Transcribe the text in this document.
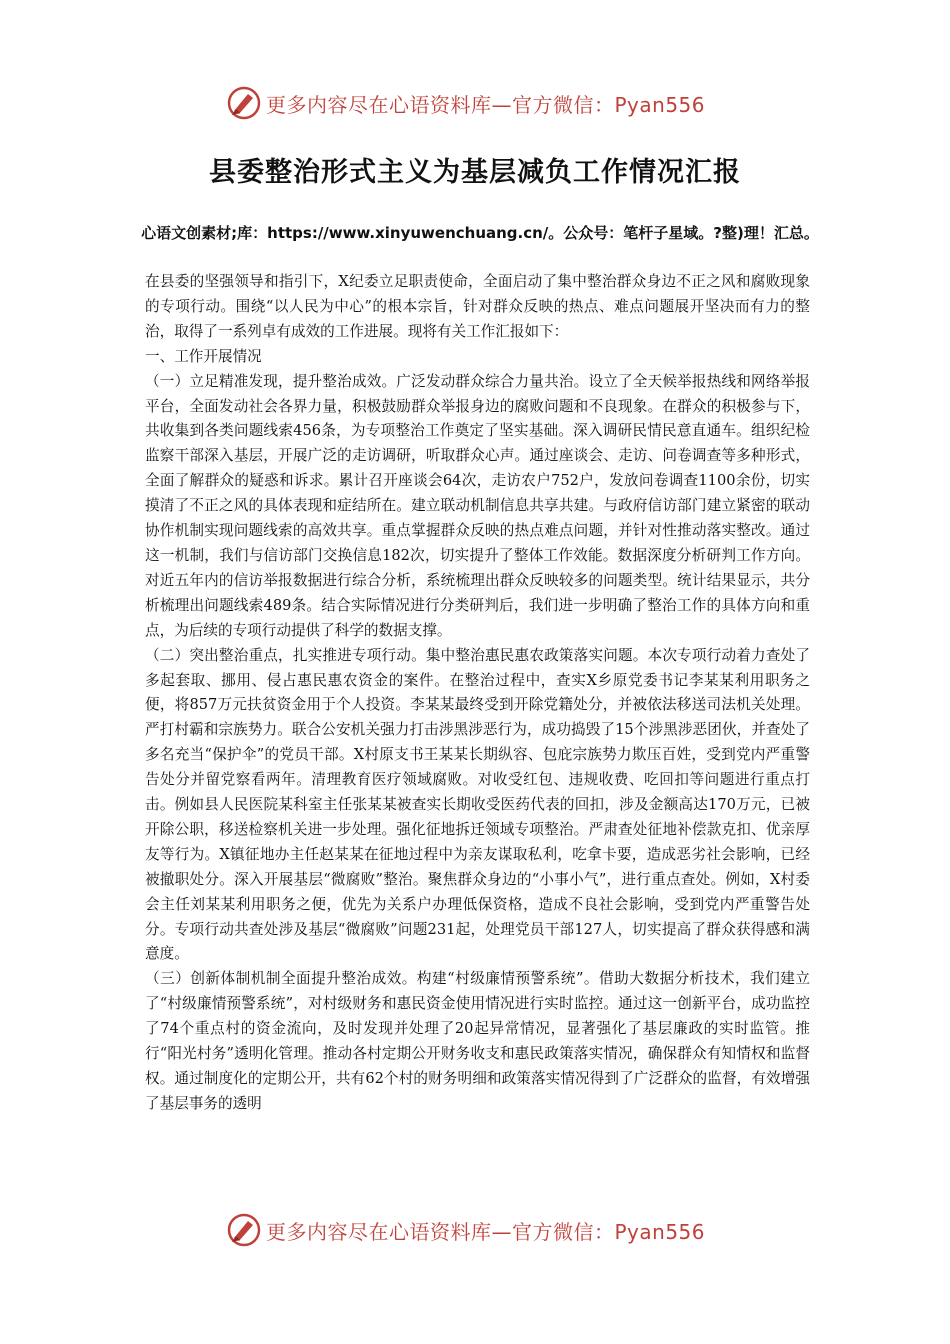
更多内容尽在心语资料库—官方微信：Pyan556
县委整治形式主义为基层减负工作情况汇报
心语文创素材;库：https://www.xinyuwenchuang.cn/。公众号：笔杆子星域。?整)理！汇总。

在县委的坚强领导和指引下，X纪委立足职责使命，全面启动了集中整治群众身边不正之风和腐败现象的专项行动。围绕“以人民为中心”的根本宗旨，针对群众反映的热点、难点问题展开坚决而有力的整治，取得了一系列卓有成效的工作进展。现将有关工作汇报如下：

一、工作开展情况

（一）立足精准发现，提升整治成效。广泛发动群众综合力量共治。设立了全天候举报热线和网络举报平台，全面发动社会各界力量，积极鼓励群众举报身边的腐败问题和不良现象。在群众的积极参与下，共收集到各类问题线索456条，为专项整治工作奠定了坚实基础。深入调研民情民意直通车。组织纪检监察干部深入基层，开展广泛的走访调研，听取群众心声。通过座谈会、走访、问卷调查等多种形式，全面了解群众的疑惑和诉求。累计召开座谈会64次，走访农户752户，发放问卷调查1100余份，切实摸清了不正之风的具体表现和症结所在。建立联动机制信息共享共建。与政府信访部门建立紧密的联动协作机制实现问题线索的高效共享。重点掌握群众反映的热点难点问题，并针对性推动落实整改。通过这一机制，我们与信访部门交换信息182次，切实提升了整体工作效能。数据深度分析研判工作方向。对近五年内的信访举报数据进行综合分析，系统梳理出群众反映较多的问题类型。统计结果显示，共分析梳理出问题线索489条。结合实际情况进行分类研判后，我们进一步明确了整治工作的具体方向和重点，为后续的专项行动提供了科学的数据支撑。

（二）突出整治重点，扎实推进专项行动。集中整治惠民惠农政策落实问题。本次专项行动着力查处了多起套取、挪用、侵占惠民惠农资金的案件。在整治过程中，查实X乡原党委书记李某某利用职务之便，将857万元扶贫资金用于个人投资。李某某最终受到开除党籍处分，并被依法移送司法机关处理。严打村霸和宗族势力。联合公安机关强力打击涉黑涉恶行为，成功捣毁了15个涉黑涉恶团伙，并查处了多名充当“保护伞”的党员干部。X村原支书王某某长期纵容、包庇宗族势力欺压百姓，受到党内严重警告处分并留党察看两年。清理教育医疗领域腐败。对收受红包、违规收费、吃回扣等问题进行重点打击。例如县人民医院某科室主任张某某被查实长期收受医药代表的回扣，涉及金额高达170万元，已被开除公职，移送检察机关进一步处理。强化征地拆迁领域专项整治。严肃查处征地补偿款克扣、优亲厚友等行为。X镇征地办主任赵某某在征地过程中为亲友谋取私利，吃拿卡要，造成恶劣社会影响，已经被撤职处分。深入开展基层“微腐败”整治。聚焦群众身边的“小事小气”，进行重点查处。例如，X村委会主任刘某某利用职务之便，优先为关系户办理低保资格，造成不良社会影响，受到党内严重警告处分。专项行动共查处涉及基层“微腐败”问题231起，处理党员干部127人，切实提高了群众获得感和满意度。

（三）创新体制机制全面提升整治成效。构建“村级廉情预警系统”。借助大数据分析技术，我们建立了“村级廉情预警系统”，对村级财务和惠民资金使用情况进行实时监控。通过这一创新平台，成功监控了74个重点村的资金流向，及时发现并处理了20起异常情况，显著强化了基层廉政的实时监管。推行“阳光村务”透明化管理。推动各村定期公开财务收支和惠民政策落实情况，确保群众有知情权和监督权。通过制度化的定期公开，共有62个村的财务明细和政策落实情况得到了广泛群众的监督，有效增强了基层事务的透明

更多内容尽在心语资料库—官方微信：Pyan556
